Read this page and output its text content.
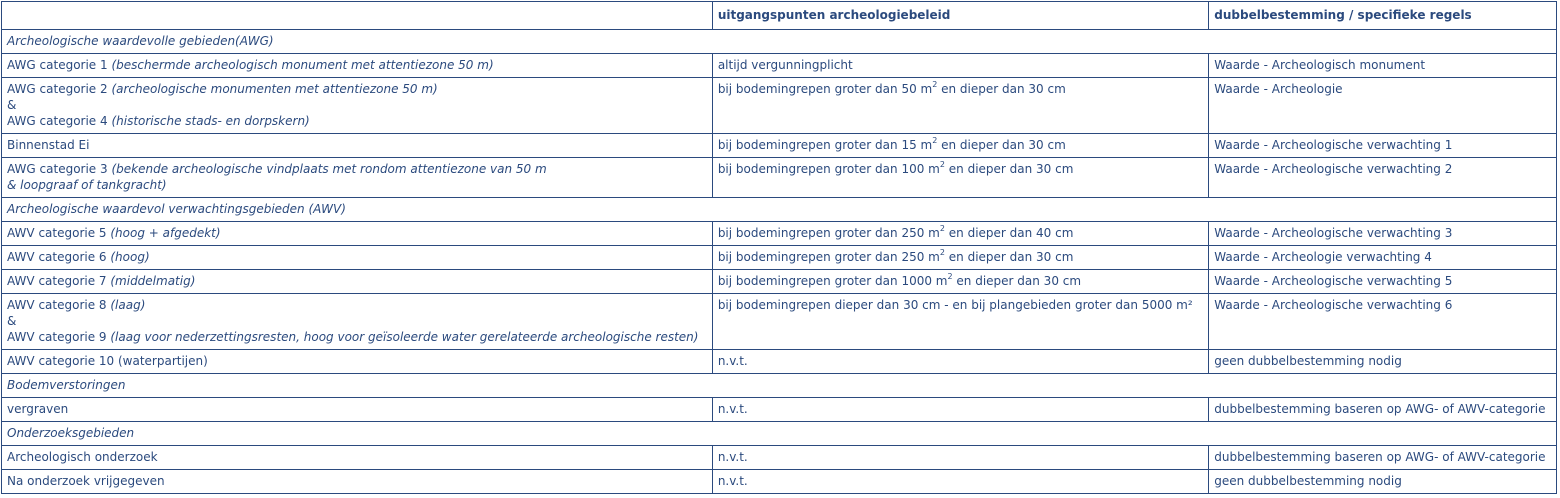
	uitgangspunten archeologiebeleid	dubbelbestemming / specifieke regels
Archeologische waardevolle gebieden(AWG)		

AWG categorie 1 (beschermde archeologisch monument met attentiezone 50 m)	altijd vergunningplicht	Waarde - Archeologisch monument

AWG categorie 2 (archeologische monumenten met attentiezone 50 m)
&
AWG categorie 4 (historische stads- en dorpskern)	bij bodemingrepen groter dan 50 $m^2$ en dieper dan 30 cm	Waarde - Archeologie

Binnenstad Ei	bij bodemingrepen groter dan 15 $m^2$ en dieper dan 30 cm	Waarde - Archeologische verwachting 1

AWG categorie 3 (bekende archeologische vindplaats met rondom attentiezone van 50 m
& loopgraaf of tankgracht)	bij bodemingrepen groter dan 100 $m^2$ en dieper dan 30 cm	Waarde - Archeologische verwachting 2
Archeologische waardevol verwachtingsgebieden (AWV)		

AWV categorie 5 (hoog + afgedekt)	bij bodemingrepen groter dan 250 $m^2$ en dieper dan 40 cm	Waarde - Archeologische verwachting 3

AWV categorie 6 (hoog)	bij bodemingrepen groter dan 250 $m^2$ en dieper dan 30 cm	Waarde - Archeologie verwachting 4

AWV categorie 7 (middelmatig)	bij bodemingrepen groter dan 1000 $m^2$ en dieper dan 30 cm	Waarde - Archeologische verwachting 5

AWV categorie 8 (laag)
&
AWV categorie 9 (laag voor nederzettingsresten, hoog voor geïsoleerde water gerelateerde archeologische resten)	bij bodemingrepen dieper dan 30 cm - en bij plangebieden groter dan 5000 m²	Waarde - Archeologische verwachting 6

AWV categorie 10 (waterpartijen)	n.v.t.	geen dubbelbestemming nodig
Bodemverstoringen		

vergraven	n.v.t.	dubbelbestemming baseren op AWG- of AWV-categorie
Onderzoeksgebieden		

Archeologisch onderzoek	n.v.t.	dubbelbestemming baseren op AWG- of AWV-categorie

Na onderzoek vrijgegeven	n.v.t.	geen dubbelbestemming nodig
